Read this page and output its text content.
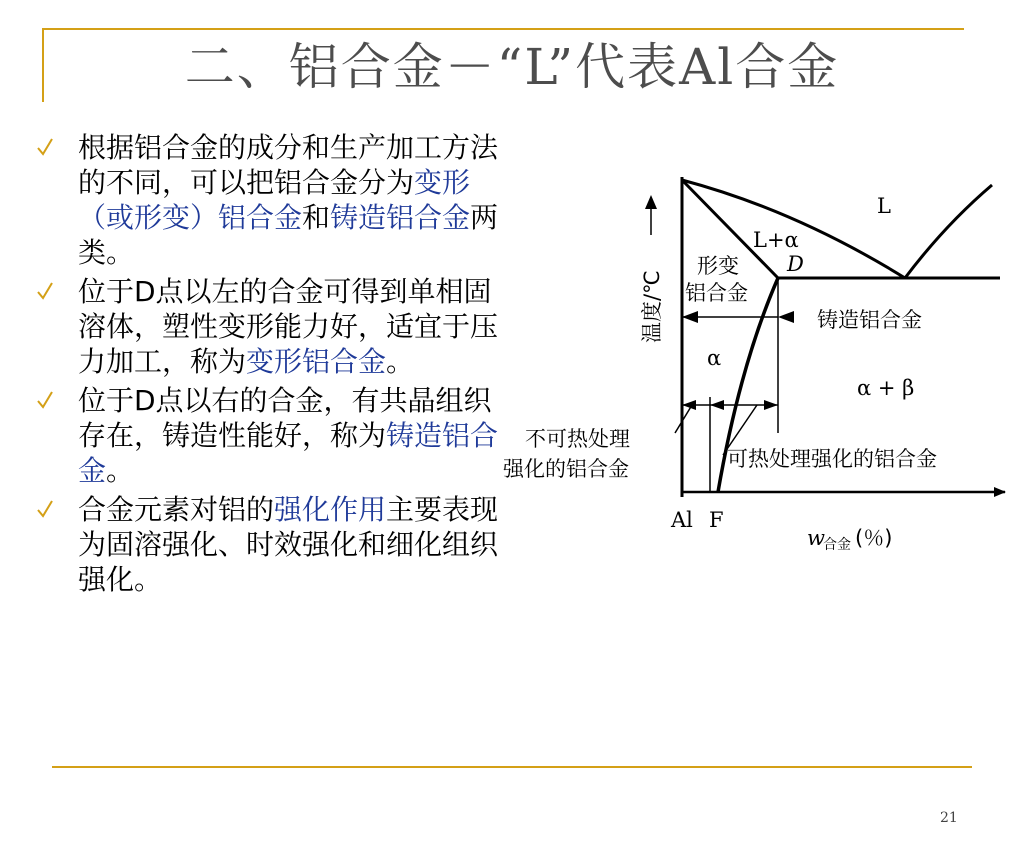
二、铝合金－“L”代表Al合金
根据铝合金的成分和生产加工方法的不同，可以把铝合金分为变形（或形变）铝合金和铸造铝合金两类。
位于D点以左的合金可得到单相固溶体，塑性变形能力好，适宜于压力加工，称为变形铝合金。
位于D点以右的合金，有共晶组织存在，铸造性能好，称为铸造铝合金。
合金元素对铝的强化作用主要表现为固溶强化、时效强化和细化组织强化。
温度/℃
L
L+α
D
形变
铝合金
铸造铝合金
α
α + β
不可热处理
强化的铝合金	可热处理强化的铝合金
Al F
w
合金 (％)
21
